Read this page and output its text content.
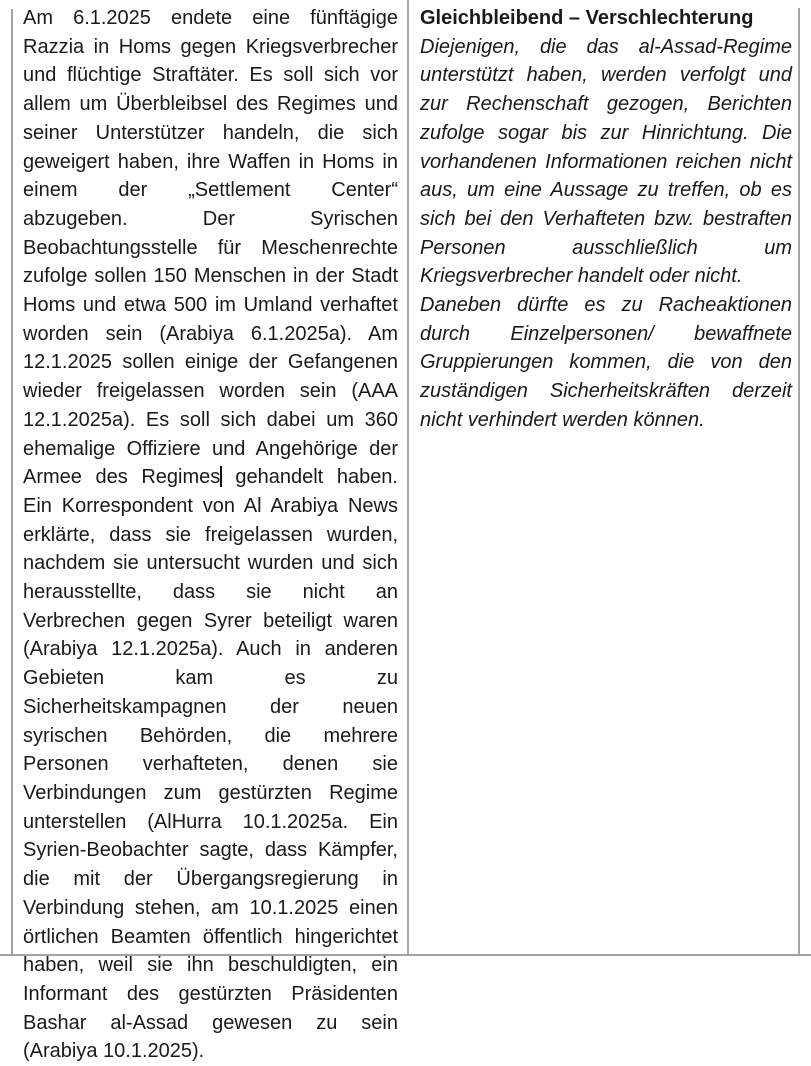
Am 6.1.2025 endete eine fünftägige Razzia in Homs gegen Kriegsverbrecher und flüchtige Straftäter. Es soll sich vor allem um Überbleibsel des Regimes und seiner Unterstützer handeln, die sich geweigert haben, ihre Waffen in Homs in einem der „Settlement Center“ abzugeben. Der Syrischen Beobachtungsstelle für Meschenrechte zufolge sollen 150 Menschen in der Stadt Homs und etwa 500 im Umland verhaftet worden sein (Arabiya 6.1.2025a). Am 12.1.2025 sollen einige der Gefangenen wieder freigelassen worden sein (AAA 12.1.2025a). Es soll sich dabei um 360 ehemalige Offiziere und Angehörige der Armee des Regimes gehandelt haben. Ein Korrespondent von Al Arabiya News erklärte, dass sie freigelassen wurden, nachdem sie untersucht wurden und sich herausstellte, dass sie nicht an Verbrechen gegen Syrer beteiligt waren (Arabiya 12.1.2025a). Auch in anderen Gebieten kam es zu Sicherheitskampagnen der neuen syrischen Behörden, die mehrere Personen verhafteten, denen sie Verbindungen zum gestürzten Regime unterstellen (AlHurra 10.1.2025a. Ein Syrien-Beobachter sagte, dass Kämpfer, die mit der Übergangsregierung in Verbindung stehen, am 10.1.2025 einen örtlichen Beamten öffentlich hingerichtet haben, weil sie ihn beschuldigten, ein Informant des gestürzten Präsidenten Bashar al-Assad gewesen zu sein (Arabiya 10.1.2025).

Gleichbleibend – Verschlechterung

Diejenigen, die das al-Assad-Regime unterstützt haben, werden verfolgt und zur Rechenschaft gezogen, Berichten zufolge sogar bis zur Hinrichtung. Die vorhandenen Informationen reichen nicht aus, um eine Aussage zu treffen, ob es sich bei den Verhafteten bzw. bestraften Personen ausschließlich um Kriegsverbrecher handelt oder nicht.

Daneben dürfte es zu Racheaktionen durch Einzelpersonen/ bewaffnete Gruppierungen kommen, die von den zuständigen Sicherheitskräften derzeit nicht verhindert werden können.
